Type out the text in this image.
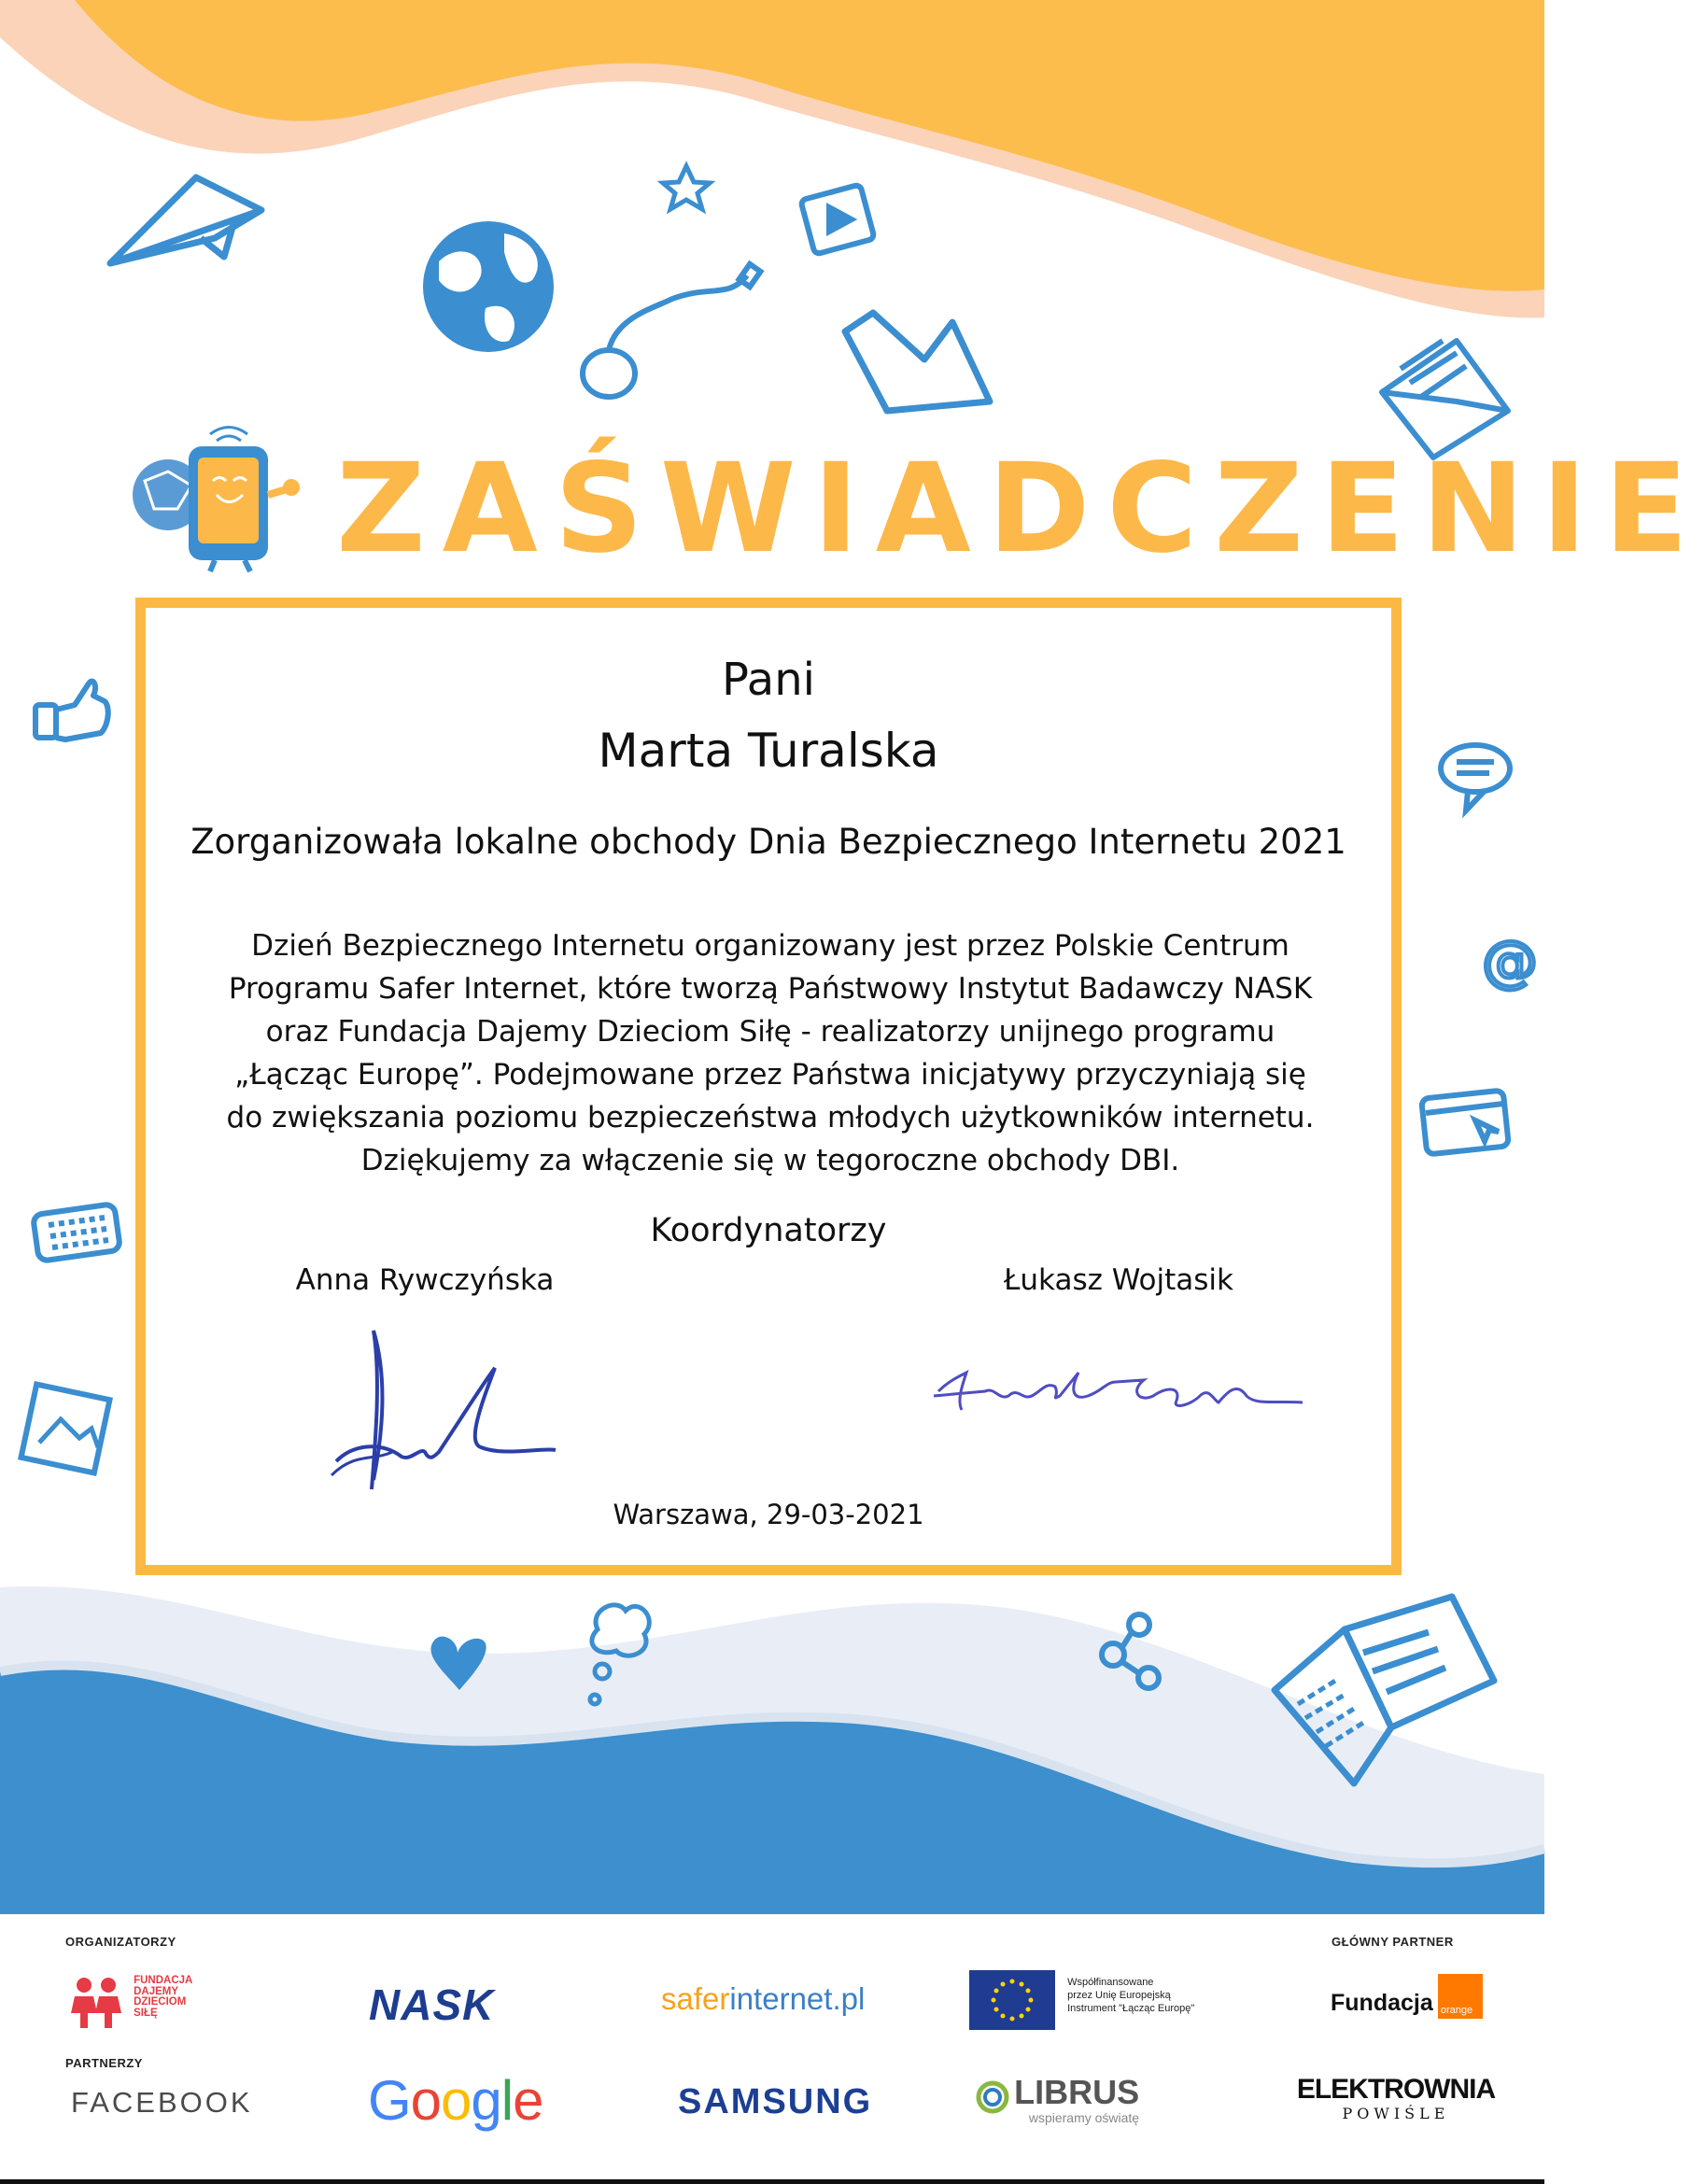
@
ZAŚWIADCZENIE
Pani
Marta Turalska
Zorganizowała lokalne obchody Dnia Bezpiecznego Internetu 2021
Dzień Bezpiecznego Internetu organizowany jest przez Polskie Centrum
Programu Safer Internet, które tworzą Państwowy Instytut Badawczy NASK
oraz Fundacja Dajemy Dzieciom Siłę - realizatorzy unijnego programu
„Łącząc Europę”. Podejmowane przez Państwa inicjatywy przyczyniają się
do zwiększania poziomu bezpieczeństwa młodych użytkowników internetu.
Dziękujemy za włączenie się w tegoroczne obchody DBI.
Koordynatorzy
Anna Rywczyńska	Łukasz Wojtasik
Warszawa, 29-03-2021
ORGANIZATORZY
PARTNERZY
GŁÓWNY PARTNER

FUNDACJA
DAJEMY
DZIECIOM
SIŁĘ	NASK	saferinternet.pl
	Współfinansowane
przez Unię Europejską
Instrument "Łącząc Europę"	Fundacja orange
FACEBOOK Google	SAMSUNG
	LIBRUS
wspieramy oświatę
ELEKTROWNIA
POWIŚLE
